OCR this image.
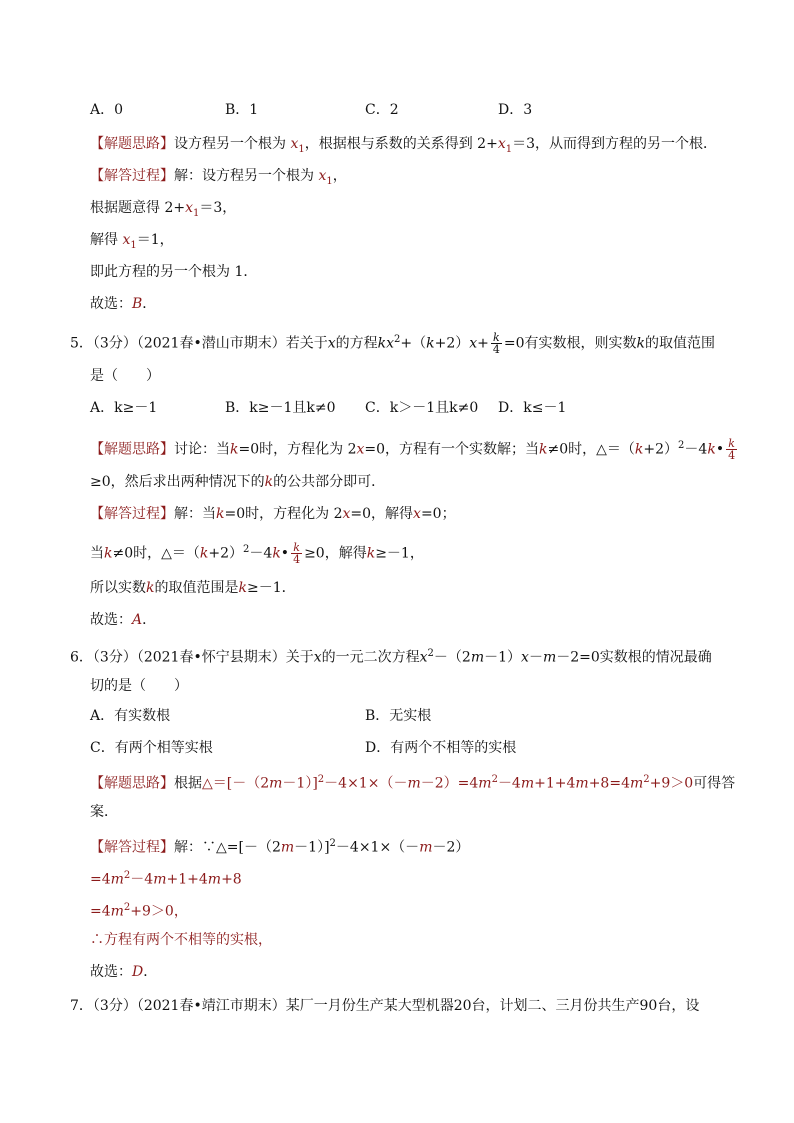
A．0	B．1	C．2	D．3
【解题思路】设方程另一个根为 $x_1$，根据根与系数的关系得到 $2+x_1=3$，从而得到方程的另一个根．
【解答过程】解：设方程另一个根为 $x_1$，
根据题意得 $2+x_1=3$，
解得 $x_1=1$，
即此方程的另一个根为 1．
故选：B．
5．（3分）（2021春•潜山市期末）若关于x的方程$kx^2+(k+2)x+ \frac{k}{4} =0$有实数根，则实数k的取值范围
是（　　）
A．k≥－1	B．k≥－1且k≠0 C．k＞－1且k≠0 D．k≤－1
【解题思路】讨论：当k=0时，方程化为 2x=0，方程有一个实数解；当k≠0时，$\triangle=(k+2)^2-4k• \frac{k}{4}$
≥0，然后求出两种情况下的k的公共部分即可．
【解答过程】解：当k=0时，方程化为 2x=0，解得x=0；
当k≠0时，$\triangle=(k+2)^2-4k• \frac{k}{4} \ge 0$，解得k≥－1，
所以实数k的取值范围是k≥－1．
故选：A．
6．（3分）（2021春•怀宁县期末）关于x的一元二次方程$x^2-(2m-1)x-m-2=0$实数根的情况最确
切的是（　　）
A．有实数根	B．无实根
C．有两个相等实根	D．有两个不相等的实根
【解题思路】根据$\triangle=[-(2m-1)]^2-4\times 1\times(-m-2)=4m^2-4m+1+4m+8=4m^2+9>0$可得答
案．
【解答过程】解：$\because\triangle=[-(2m-1)]^2-4\times 1\times(-m-2)$
$=4m^2-4m+1+4m+8$
$=4m^2+9>0$，
∴方程有两个不相等的实根，
故选：D．
7．（3分）（2021春•靖江市期末）某厂一月份生产某大型机器20台，计划二、三月份共生产90台，设
